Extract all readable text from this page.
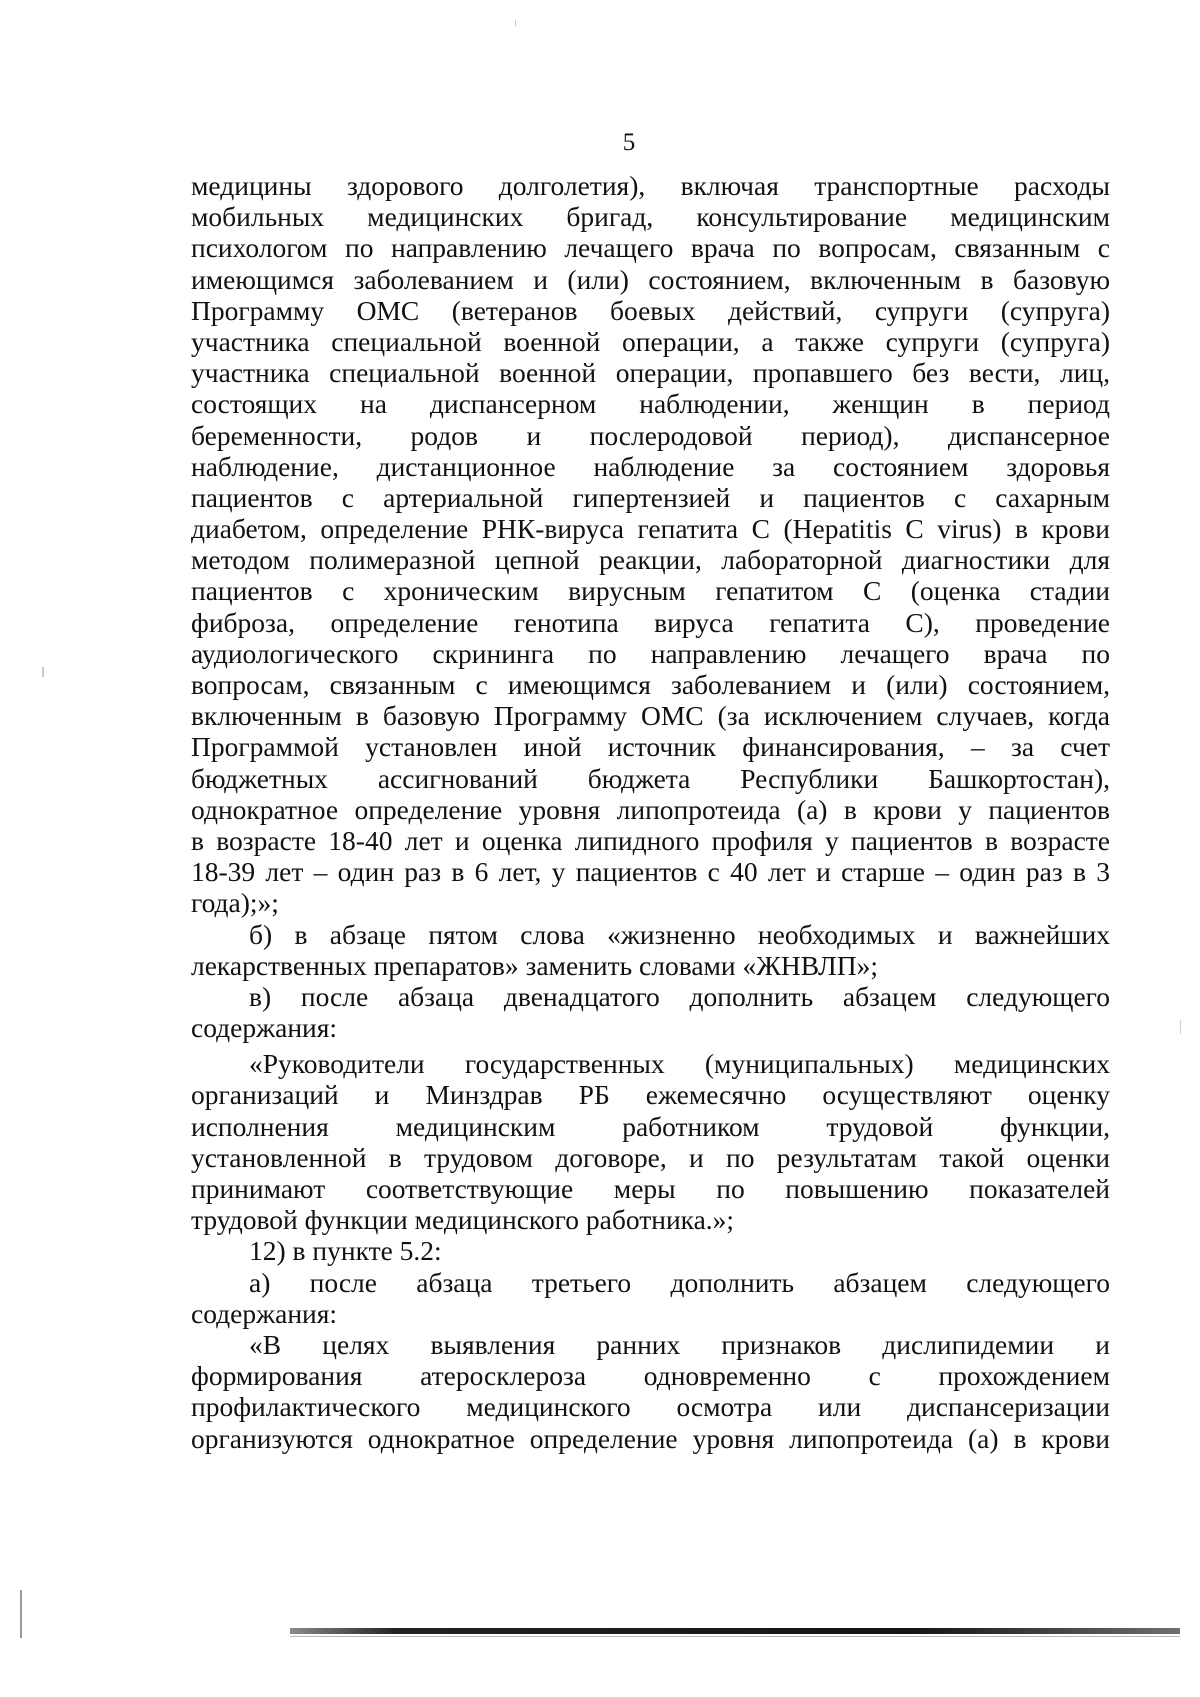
5
медицины здорового долголетия), включая транспортные расходы
мобильных медицинских бригад, консультирование медицинским
психологом по направлению лечащего врача по вопросам, связанным с
имеющимся заболеванием и (или) состоянием, включенным в базовую
Программу ОМС (ветеранов боевых действий, супруги (супруга)
участника специальной военной операции, а также супруги (супруга)
участника специальной военной операции, пропавшего без вести, лиц,
состоящих на диспансерном наблюдении, женщин в период
беременности, родов и послеродовой период), диспансерное
наблюдение, дистанционное наблюдение за состоянием здоровья
пациентов с артериальной гипертензией и пациентов с сахарным
диабетом, определение РНК-вируса гепатита С (Hepatitis C virus) в крови
методом полимеразной цепной реакции, лабораторной диагностики для
пациентов с хроническим вирусным гепатитом С (оценка стадии
фиброза, определение генотипа вируса гепатита С), проведение
аудиологического скрининга по направлению лечащего врача по
вопросам, связанным с имеющимся заболеванием и (или) состоянием,
включенным в базовую Программу ОМС (за исключением случаев, когда
Программой установлен иной источник финансирования, – за счет
бюджетных ассигнований бюджета Республики Башкортостан),
однократное определение уровня липопротеида (а) в крови у пациентов
в возрасте 18-40 лет и оценка липидного профиля у пациентов в возрасте
18-39 лет – один раз в 6 лет, у пациентов с 40 лет и старше – один раз в 3
года);»;
б) в абзаце пятом слова «жизненно необходимых и важнейших
лекарственных препаратов» заменить словами «ЖНВЛП»;
в) после абзаца двенадцатого дополнить абзацем следующего
содержания:
«Руководители государственных (муниципальных) медицинских
организаций и Минздрав РБ ежемесячно осуществляют оценку
исполнения медицинским работником трудовой функции,
установленной в трудовом договоре, и по результатам такой оценки
принимают соответствующие меры по повышению показателей
трудовой функции медицинского работника.»;
12) в пункте 5.2:
а) после абзаца третьего дополнить абзацем следующего
содержания:
«В целях выявления ранних признаков дислипидемии и
формирования атеросклероза одновременно с прохождением
профилактического медицинского осмотра или диспансеризации
организуются однократное определение уровня липопротеида (а) в крови
